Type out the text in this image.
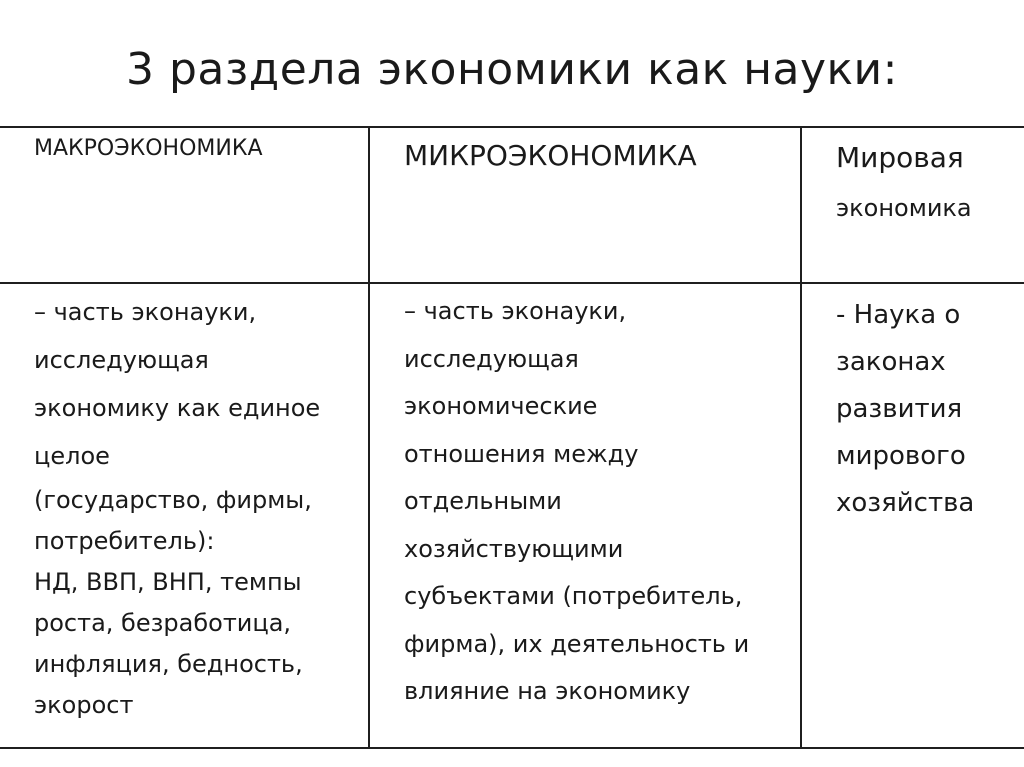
3 раздела экономики как науки:
МАКРОЭКОНОМИКА	МИКРОЭКОНОМИКА	Мировая
экономика
– часть эконауки,
исследующая
экономику как единое
целое
(государство, фирмы,
потребитель):
НД, ВВП, ВНП, темпы
роста, безработица,
инфляция, бедность,
экорост
– часть эконауки,
исследующая
экономические
отношения между
отдельными
хозяйствующими
субъектами (потребитель,
фирма), их деятельность и
влияние на экономику
- Наука о
законах
развития
мирового
хозяйства
